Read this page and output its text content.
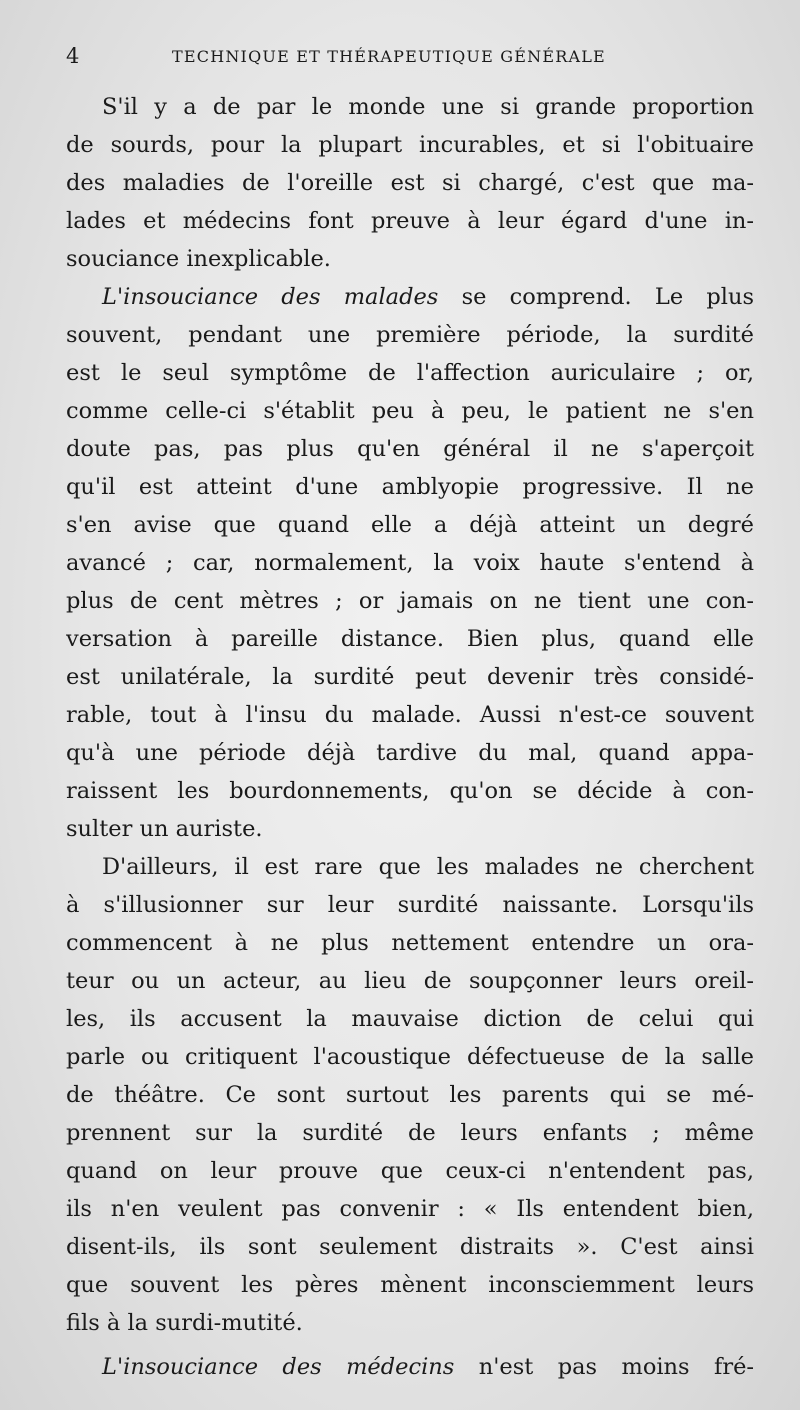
4	TECHNIQUE ET THÉRAPEUTIQUE GÉNÉRALE
S'il y a de par le monde une si grande proportion
de sourds, pour la plupart incurables, et si l'obituaire
des maladies de l'oreille est si chargé, c'est que ma-
lades et médecins font preuve à leur égard d'une in-
souciance inexplicable.
L'insouciance des malades se comprend. Le plus
souvent, pendant une première période, la surdité
est le seul symptôme de l'affection auriculaire ; or,
comme celle-ci s'établit peu à peu, le patient ne s'en
doute pas, pas plus qu'en général il ne s'aperçoit
qu'il est atteint d'une amblyopie progressive. Il ne
s'en avise que quand elle a déjà atteint un degré
avancé ; car, normalement, la voix haute s'entend à
plus de cent mètres ; or jamais on ne tient une con-
versation à pareille distance. Bien plus, quand elle
est unilatérale, la surdité peut devenir très considé-
rable, tout à l'insu du malade. Aussi n'est-ce souvent
qu'à une période déjà tardive du mal, quand appa-
raissent les bourdonnements, qu'on se décide à con-
sulter un auriste.
D'ailleurs, il est rare que les malades ne cherchent
à s'illusionner sur leur surdité naissante. Lorsqu'ils
commencent à ne plus nettement entendre un ora-
teur ou un acteur, au lieu de soupçonner leurs oreil-
les, ils accusent la mauvaise diction de celui qui
parle ou critiquent l'acoustique défectueuse de la salle
de théâtre. Ce sont surtout les parents qui se mé-
prennent sur la surdité de leurs enfants ; même
quand on leur prouve que ceux-ci n'entendent pas,
ils n'en veulent pas convenir : « Ils entendent bien,
disent-ils, ils sont seulement distraits ». C'est ainsi
que souvent les pères mènent inconsciemment leurs
fils à la surdi-mutité.
L'insouciance des médecins n'est pas moins fré-
